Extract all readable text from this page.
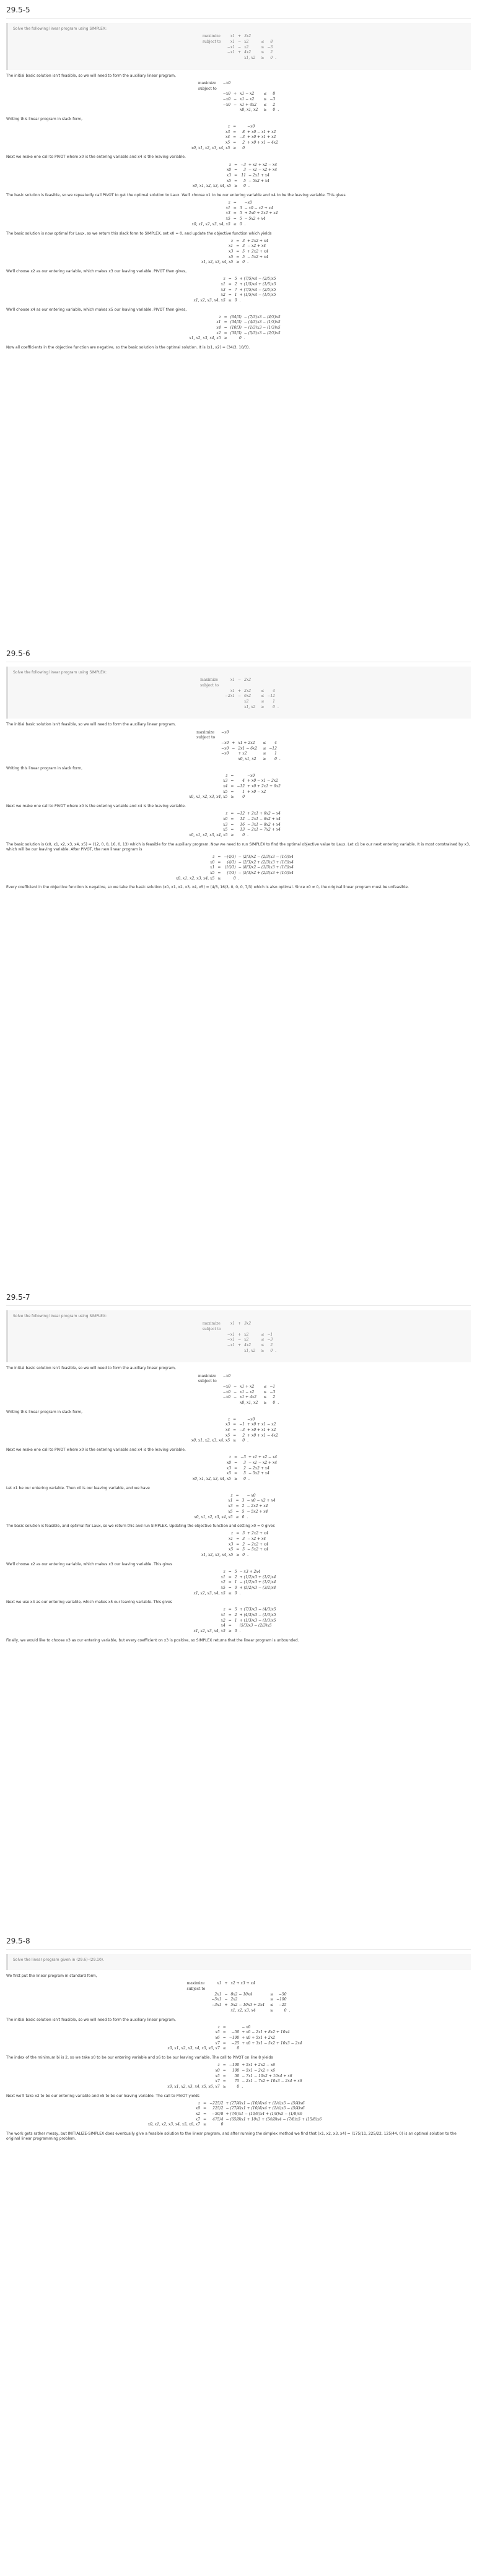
29.5-5
Solve the following linear program using SIMPLEX:
maximize	x1	+	3x2				
subject to	x1	−	x2		≤	8	
	−x1	−	x2		≤	−3	
	−x1	+	4x2		≤	2	
			x1, x2		≥	0	.

The initial basic solution isn't feasible, so we will need to form the auxiliary linear program,

maximize	−x0						
subject to							
	−x0	+	x1 − x2		≤	8	
	−x0	−	x1 − x2		≤	−3	
	−x0	−	x1 + 4x2		≤	2	
			x0, x1, x2		≥	0	.

Writing this linear program in slack form,

z	=		−x0			
x3	=	8	+ x0 − x1 + x2			
x4	=	−3	+ x0 + x1 + x2			
x5	=	2	+ x0 + x1 − 4x2			
x0, x1, x2, x3, x4, x5	≥	0				

Next we make one call to PIVOT where x0 is the entering variable and x4 is the leaving variable.

z	=	−3	+ x1 + x2 − x4			
x0	=	3	− x1 − x2 + x4			
x3	=	11	− 2x1 + x4			
x5	=	5	− 5x2 + x4			
x0, x1, x2, x3, x4, x5	≥	0	.			

The basic solution is feasible, so we repeatedly call PIVOT to get the optimal solution to Laux. We'll choose x1 to be our entering variable and x4 to be the leaving variable. This gives

z	=		−x0			
x1	=	3	− x0 − x2 + x4			
x3	=	5	+ 2x0 + 2x2 + x4			
x5	=	5	− 5x2 + x4			
x0, x1, x2, x3, x4, x5	≥	0	.			

The basic solution is now optimal for Laux, so we return this slack form to SIMPLEX, set x0 = 0, and update the objective function which yields

z	=	3	+ 2x2 + x4			
x1	=	3	− x2 + x4			
x3	=	5	+ 2x2 + x4			
x5	=	5	− 5x2 + x4			
x1, x2, x3, x4, x5	≥	0	.			

We'll choose x2 as our entering variable, which makes x3 our leaving variable. PIVOT then gives,

z	=	5	+ (7/5)x4 − (2/5)x5			
x1	=	2	+ (1/5)x4 + (1/5)x5			
x3	=	7	+ (7/5)x4 − (2/5)x5			
x2	=	1	+ (1/5)x4 − (1/5)x5			
x1, x2, x3, x4, x5	≥	0	.			

We'll choose x4 as our entering variable, which makes x5 our leaving variable. PIVOT then gives,

z	=	(64/3)	− (7/3)x3 − (4/3)x5			
x1	=	(34/3)	− (4/3)x3 − (1/3)x5			
x4	=	(10/3)	− (1/3)x3 − (1/3)x5			
x2	=	(35/3)	− (5/3)x3 − (2/3)x5			
x1, x2, x3, x4, x5	≥	0	.			

Now all coefficients in the objective function are negative, so the basic solution is the optimal solution. It is (x1, x2) = (34/3, 10/3).

29.5-6
Solve the following linear program using SIMPLEX:
maximize	x1	−	2x2				
subject to							
	x1	+	2x2		≤	4	
	−2x1	−	6x2		≤	−12	
			x2		≤	1	
			x1, x2		≥	0	.

The initial basic solution isn't feasible, so we will need to form the auxiliary linear program,

maximize	−x0						
subject to							
	−x0	+	x1 + 2x2		≤	4	
	−x0	−	2x1 − 6x2		≤	−12	
	−x0		+ x2		≤	1	
			x0, x1, x2		≥	0	.

Writing this linear program in slack form,

z	=		−x0			
x3	=	4	+ x0 − x1 − 2x2			
x4	=	−12	+ x0 + 2x1 + 6x2			
x5	=	1	+ x0 − x2			
x0, x1, x2, x3, x4, x5	≥	0				

Next we make one call to PIVOT where x0 is the entering variable and x4 is the leaving variable.

z	=	−12	+ 2x1 + 6x2 − x4			
x0	=	12	− 2x1 − 6x2 + x4			
x3	=	16	− 3x1 − 8x2 + x4			
x5	=	13	− 2x1 − 7x2 + x4			
x0, x1, x2, x3, x4, x5	≥	0	.			

The basic solution is (x0, x1, x2, x3, x4, x5) = (12, 0, 0, 16, 0, 13) which is feasible for the auxiliary program. Now we need to run SIMPLEX to find the optimal objective value to Laux. Let x1 be our next entering variable. It is most constrained by x3, which will be our leaving variable. After PIVOT, the new linear program is

z	=	−(4/3)	− (2/3)x2 − (2/3)x3 − (1/3)x4			
x0	=	(4/3)	− (2/3)x2 + (2/3)x3 + (1/3)x4			
x1	=	(16/3)	− (8/3)x2 − (1/3)x3 + (1/3)x4			
x5	=	(7/3)	− (5/3)x2 + (2/3)x3 + (1/3)x4			
x0, x1, x2, x3, x4, x5	≥	0	.			

Every coefficient in the objective function is negative, so we take the basic solution (x0, x1, x2, x3, x4, x5) = (4/3, 16/3, 0, 0, 0, 7/3) which is also optimal. Since x0 ≠ 0, the original linear program must be unfeasible.

29.5-7
Solve the following linear program using SIMPLEX:
maximize	x1	+	3x2				
subject to							
	−x1	+	x2		≤	−1	
	−x1	−	x2		≤	−3	
	−x1	+	4x2		≤	2	
			x1, x2		≥	0	.

The initial basic solution isn't feasible, so we will need to form the auxiliary linear program,

maximize	−x0						
subject to							
	−x0	−	x1 + x2		≤	−1	
	−x0	−	x1 − x2		≤	−3	
	−x0	−	x1 + 4x2		≤	2	
			x0, x1, x2		≥	0	.

Writing this linear program in slack form,

z	=		−x0			
x3	=	−1	+ x0 + x1 − x2			
x4	=	−3	+ x0 + x1 + x2			
x5	=	2	+ x0 + x1 − 4x2			
x0, x1, x2, x3, x4, x5	≥	0	.			

Next we make one call to PIVOT where x0 is the entering variable and x4 is the leaving variable.

z	=	−3	+ x1 + x2 − x4			
x0	=	3	− x1 − x2 + x4			
x3	=	2	− 2x2 + x4			
x5	=	5	− 5x2 + x4			
x0, x1, x2, x3, x4, x5	≥	0	.			

Let x1 be our entering variable. Then x0 is our leaving variable, and we have

z	=		− x0			
x1	=	3	− x0 − x2 + x4			
x3	=	2	− 2x2 + x4			
x5	=	5	− 5x2 + x4			
x0, x1, x2, x3, x4, x5	≥	0	.			

The basic solution is feasible, and optimal for Laux, so we return this and run SIMPLEX. Updating the objective function and setting x0 = 0 gives

z	=	3	+ 2x2 + x4			
x1	=	3	− x2 + x4			
x3	=	2	− 2x2 + x4			
x5	=	5	− 5x2 + x4			
x1, x2, x3, x4, x5	≥	0	.			

We'll choose x2 as our entering variable, which makes x3 our leaving variable. This gives

z	=	5	− x3 + 2x4			
x1	=	2	+ (1/2)x3 + (1/2)x4			
x2	=	1	− (1/2)x3 + (1/2)x4			
x5	=	0	+ (5/2)x3 − (3/2)x4			
x1, x2, x3, x4, x5	≥	0	.			

Next we use x4 as our entering variable, which makes x5 our leaving variable. This gives

z	=	5	+ (7/3)x3 − (4/3)x5			
x1	=	2	+ (4/3)x3 − (1/3)x5			
x2	=	1	+ (1/3)x3 − (1/3)x5			
x4	=		(5/3)x3 − (2/3)x5			
x1, x2, x3, x4, x5	≥	0	.			

Finally, we would like to choose x3 as our entering variable, but every coefficient on x3 is positive, so SIMPLEX returns that the linear program is unbounded.

29.5-8
Solve the linear program given in (29.6)–(29.10).

We first put the linear program in standard form,

maximize	x1	+	x2 + x3 + x4				
subject to							
	2x1	−	8x2 − 10x4		≤	−50	
	−5x1	−	2x2		≤	−100	
	−3x1	+	5x2 − 10x3 + 2x4		≤	−25	
			x1, x2, x3, x4		≥	0	.

The initial basic solution isn't feasible, so we will need to form the auxiliary linear program,

z	=		− x0			
x5	=	−50	+ x0 − 2x1 + 8x2 + 10x4			
x6	=	−100	+ x0 + 5x1 + 2x2			
x7	=	−25	+ x0 + 3x1 − 5x2 + 10x3 − 2x4			
x0, x1, x2, x3, x4, x5, x6, x7	≥	0				

The index of the minimum bi is 2, so we take x0 to be our entering variable and x6 to be our leaving variable. The call to PIVOT on line 8 yields

z	=	−100	+ 5x1 + 2x2 − x6			
x0	=	100	− 5x1 − 2x2 + x6			
x5	=	50	− 7x1 − 10x2 + 10x4 + x6			
x7	=	75	− 2x1 − 7x2 + 10x3 − 2x4 + x6			
x0, x1, x2, x3, x4, x5, x6, x7	≥	0	.			

Next we'll take x2 to be our entering variable and x5 to be our leaving variable. The call to PIVOT yields

z	=	−225/2	+ (27/4)x1 − (10/4)x4 + (1/4)x5 − (5/4)x6			
x0	=	225/2	− (27/4)x1 + (10/4)x4 + (1/4)x5 − (5/4)x6			
x2	=	−50/8	+ (7/8)x1 − (10/8)x4 + (1/8)x5 − (1/8)x6			
x7	=	475/4	− (65/8)x1 + 10x3 + (54/8)x4 − (7/8)x5 + (15/8)x6			
x0, x1, x2, x3, x4, x5, x6, x7	≥	0				

The work gets rather messy, but INITIALIZE-SIMPLEX does eventually give a feasible solution to the linear program, and after running the simplex method we find that (x1, x2, x3, x4) = (175/11, 225/22, 125/44, 0) is an optimal solution to the original linear programming problem.
